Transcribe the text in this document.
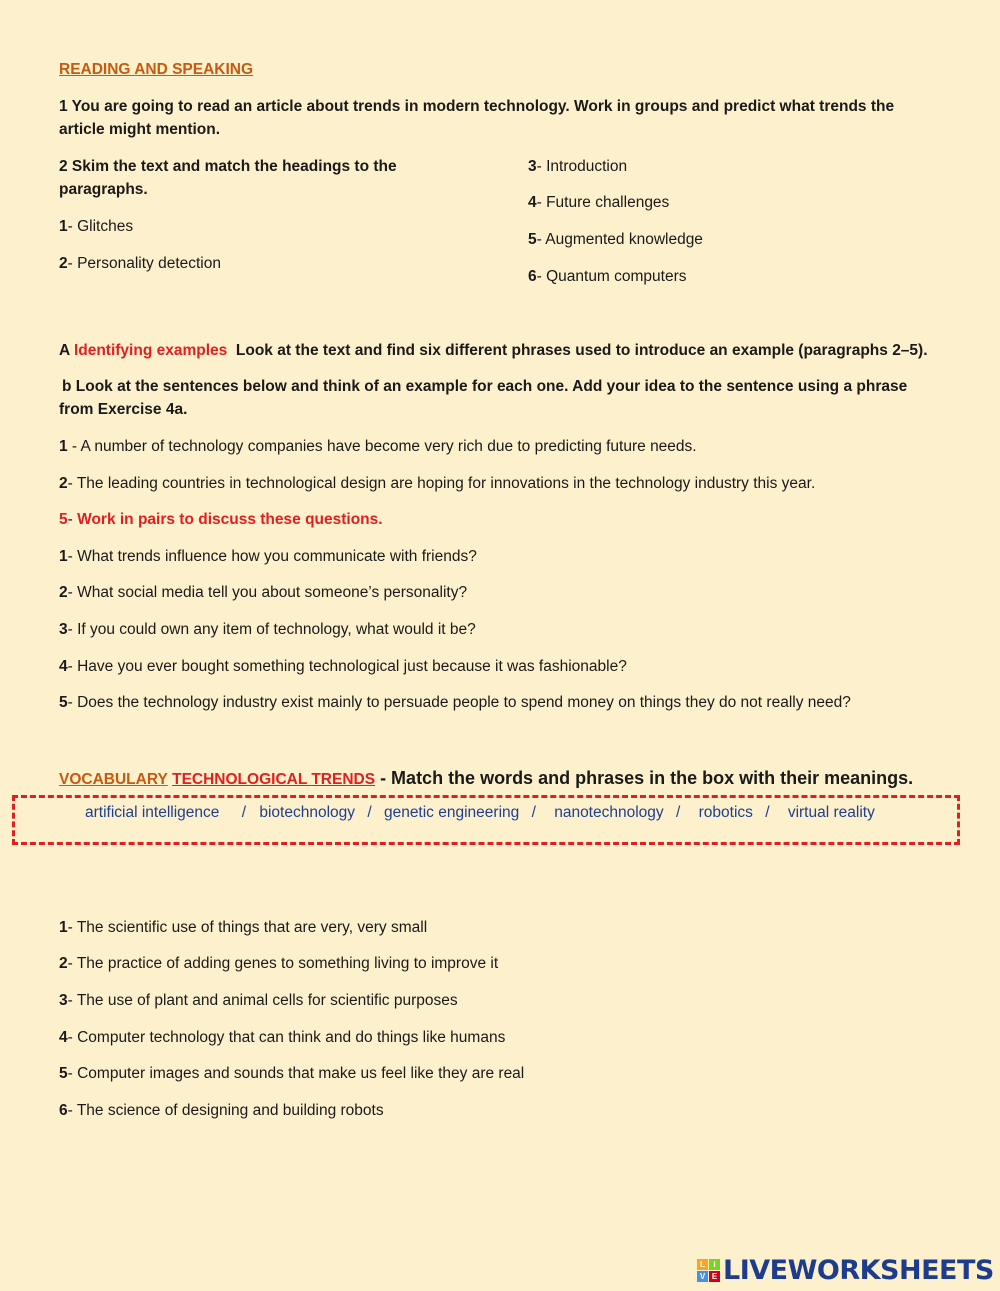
READING AND SPEAKING
1 You are going to read an article about trends in modern technology. Work in groups and predict what trends the article might mention.
2 Skim the text and match the headings to the paragraphs.
1- Glitches
2- Personality detection
3- Introduction
4- Future challenges
5- Augmented knowledge
6- Quantum computers
A Identifying examples Look at the text and find six different phrases used to introduce an example (paragraphs 2–5).
b Look at the sentences below and think of an example for each one. Add your idea to the sentence using a phrase from Exercise 4a.
1 - A number of technology companies have become very rich due to predicting future needs.
2- The leading countries in technological design are hoping for innovations in the technology industry this year.
5- Work in pairs to discuss these questions.
1- What trends influence how you communicate with friends?
2- What social media tell you about someone’s personality?
3- If you could own any item of technology, what would it be?
4- Have you ever bought something technological just because it was fashionable?
5- Does the technology industry exist mainly to persuade people to spend money on things they do not really need?
VOCABULARY TECHNOLOGICAL TRENDS - Match the words and phrases in the box with their meanings.
artificial intelligence / biotechnology / genetic engineering / nanotechnology / robotics / virtual reality
1- The scientific use of things that are very, very small
2- The practice of adding genes to something living to improve it
3- The use of plant and animal cells for scientific purposes
4- Computer technology that can think and do things like humans
5- Computer images and sounds that make us feel like they are real
6- The science of designing and building robots
L	I
V E LIVEWORKSHEETS
